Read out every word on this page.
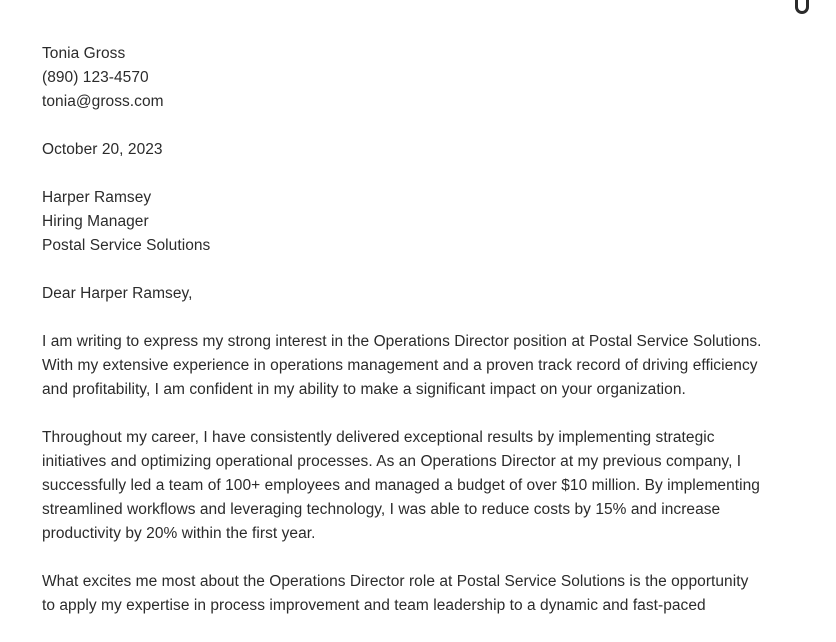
Tonia Gross
(890) 123-4570
tonia@gross.com
October 20, 2023
Harper Ramsey
Hiring Manager
Postal Service Solutions
Dear Harper Ramsey,
I am writing to express my strong interest in the Operations Director position at Postal Service Solutions.
With my extensive experience in operations management and a proven track record of driving efficiency
and profitability, I am confident in my ability to make a significant impact on your organization.
Throughout my career, I have consistently delivered exceptional results by implementing strategic
initiatives and optimizing operational processes. As an Operations Director at my previous company, I
successfully led a team of 100+ employees and managed a budget of over $10 million. By implementing
streamlined workflows and leveraging technology, I was able to reduce costs by 15% and increase
productivity by 20% within the first year.
What excites me most about the Operations Director role at Postal Service Solutions is the opportunity
to apply my expertise in process improvement and team leadership to a dynamic and fast-paced
